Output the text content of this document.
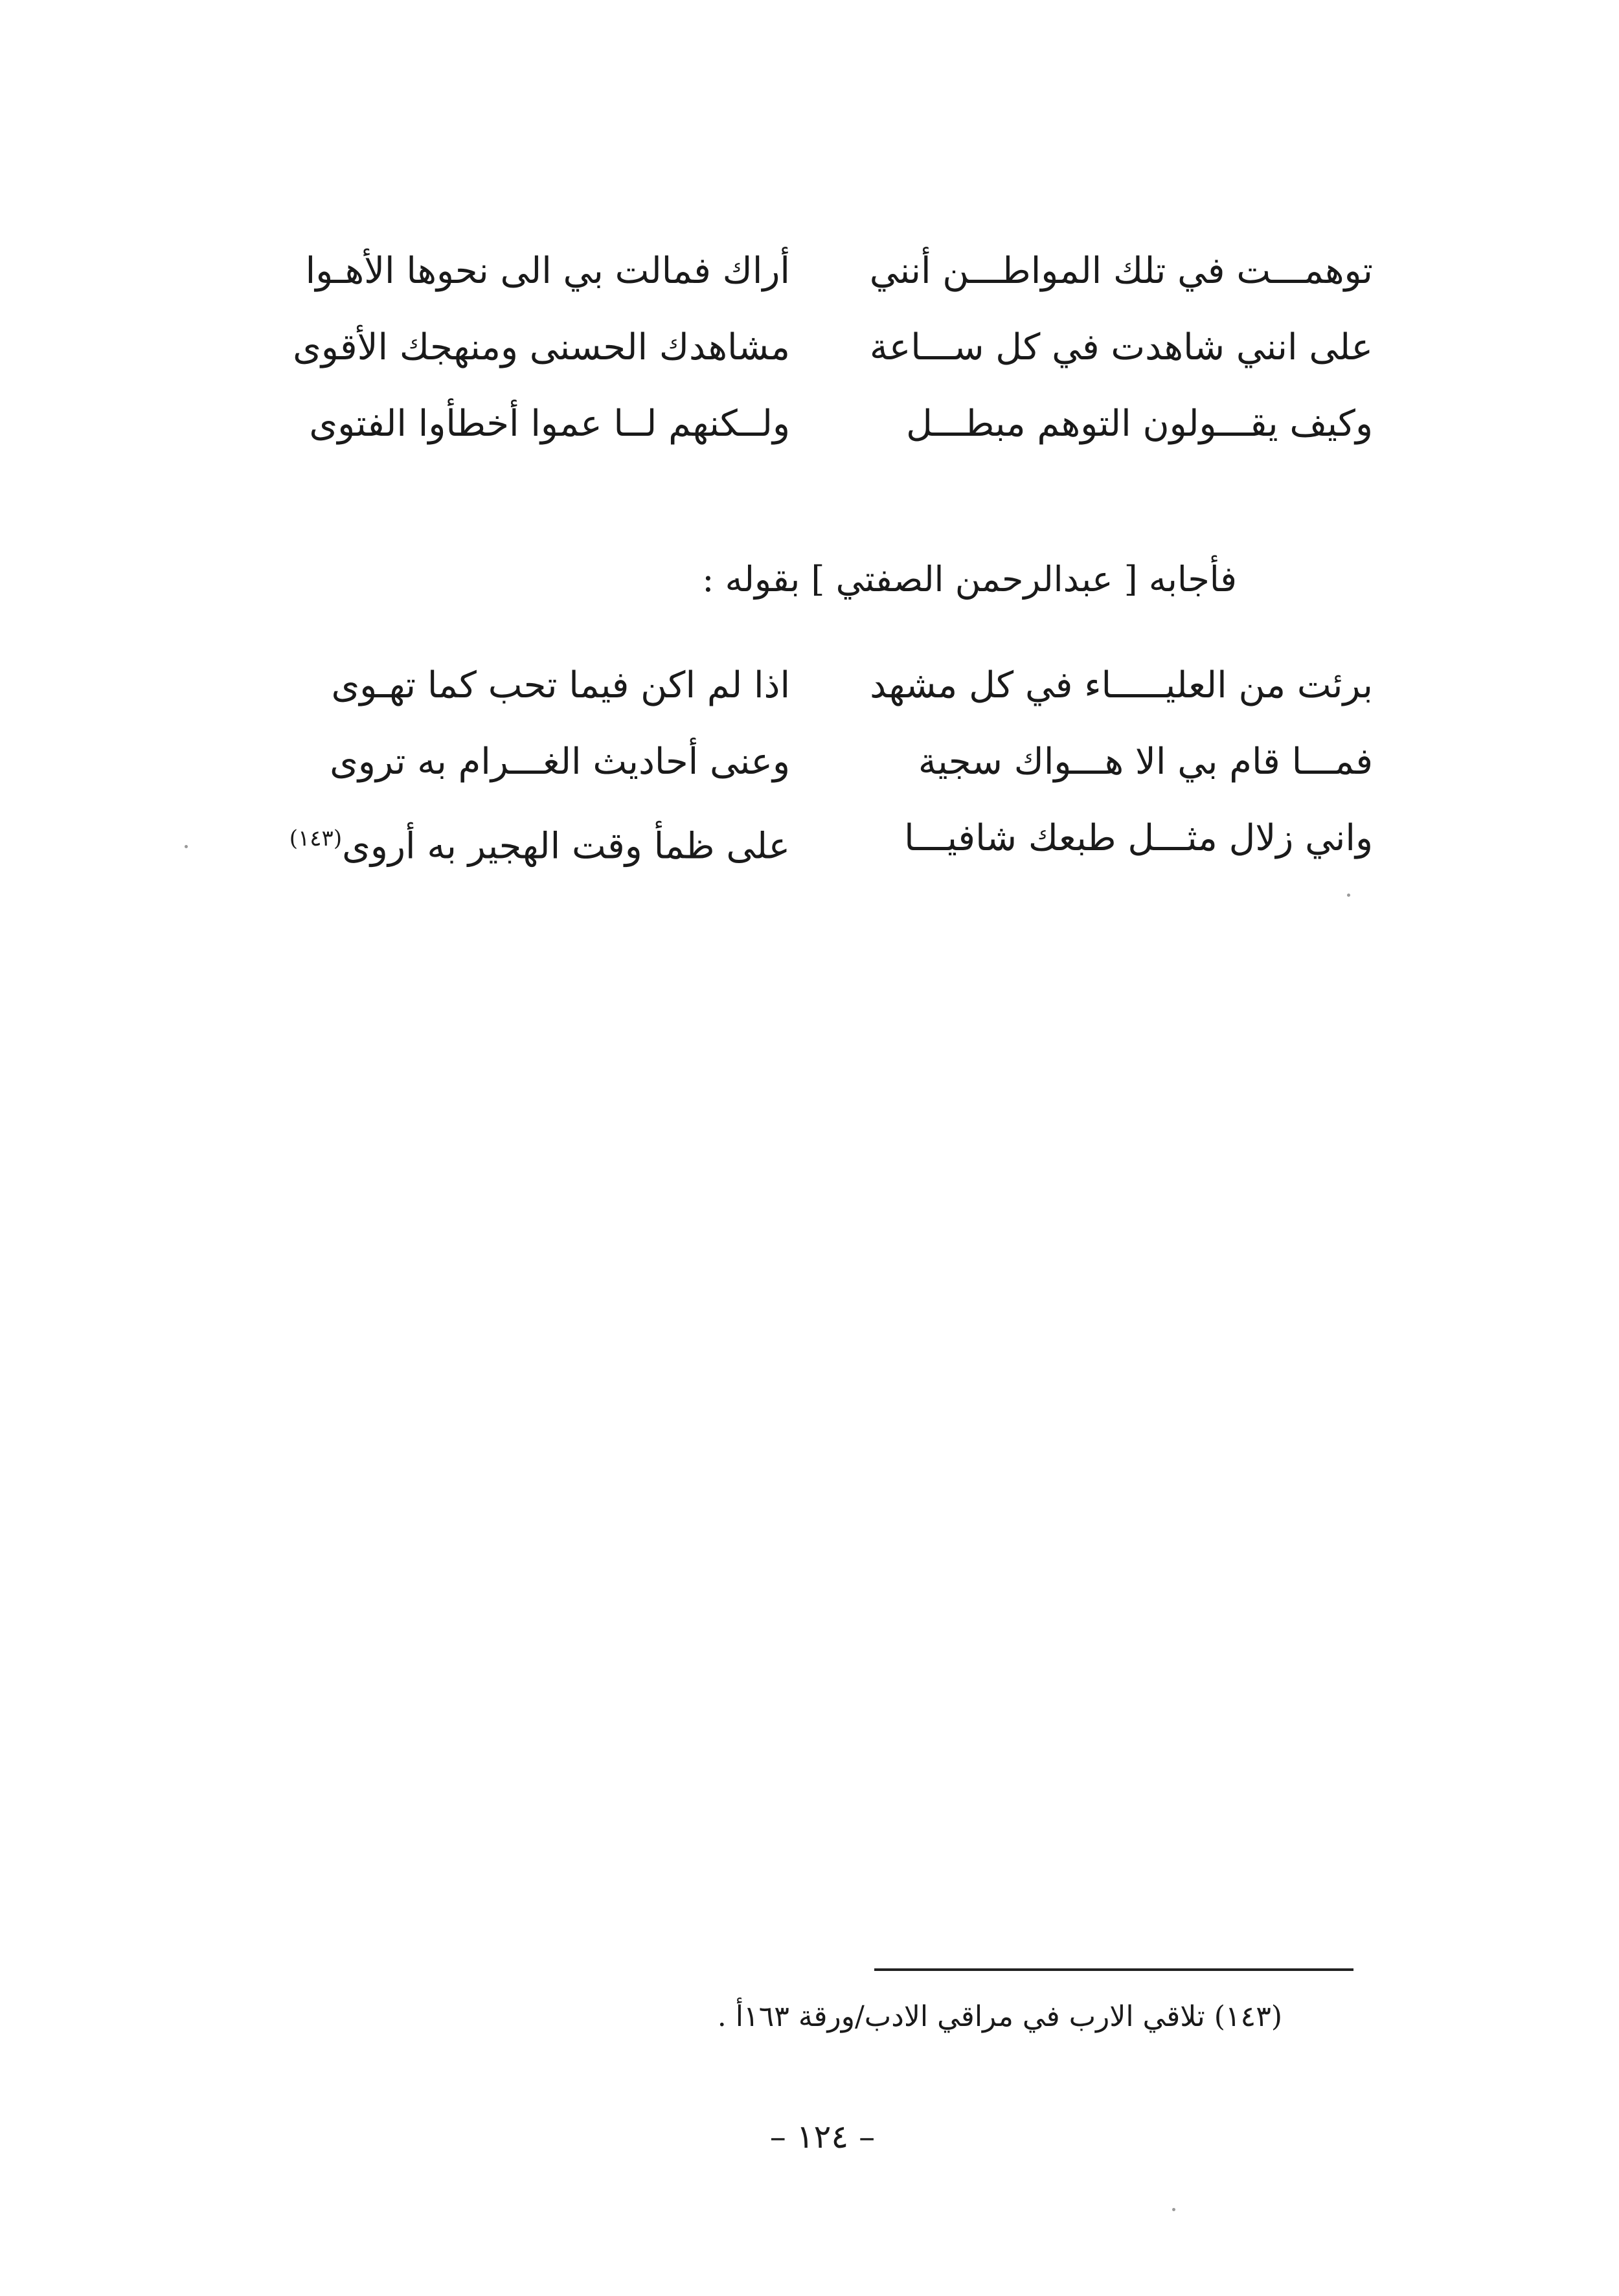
توهمـــت في تلك المواطـــن أنني
أراك فمالت بي الى نحوها الأهـوا
على انني شاهدت في كل ســـاعة
مشاهدك الحسنى ومنهجك الأقوى
وكيف يقـــولون التوهم مبطـــل
ولــكنهم لــا عموا أخطأوا الفتوى
فأجابه [ عبدالرحمن الصفتي ] بقوله :
برئت من العليـــــاء في كل مشهد
اذا لم اكن فيما تحب كما تهـوى
فمـــا قام بي الا هـــواك سجية
وعنى أحاديث الغـــرام به تروى
واني زلال مثـــل طبعك شافيـــا
على ظمأ وقت الهجير به أروى$^{(١٤٣)}$
(١٤٣) تلاقي الارب في مراقي الادب/ورقة ١٦٣أ .
– ١٢٤ –
